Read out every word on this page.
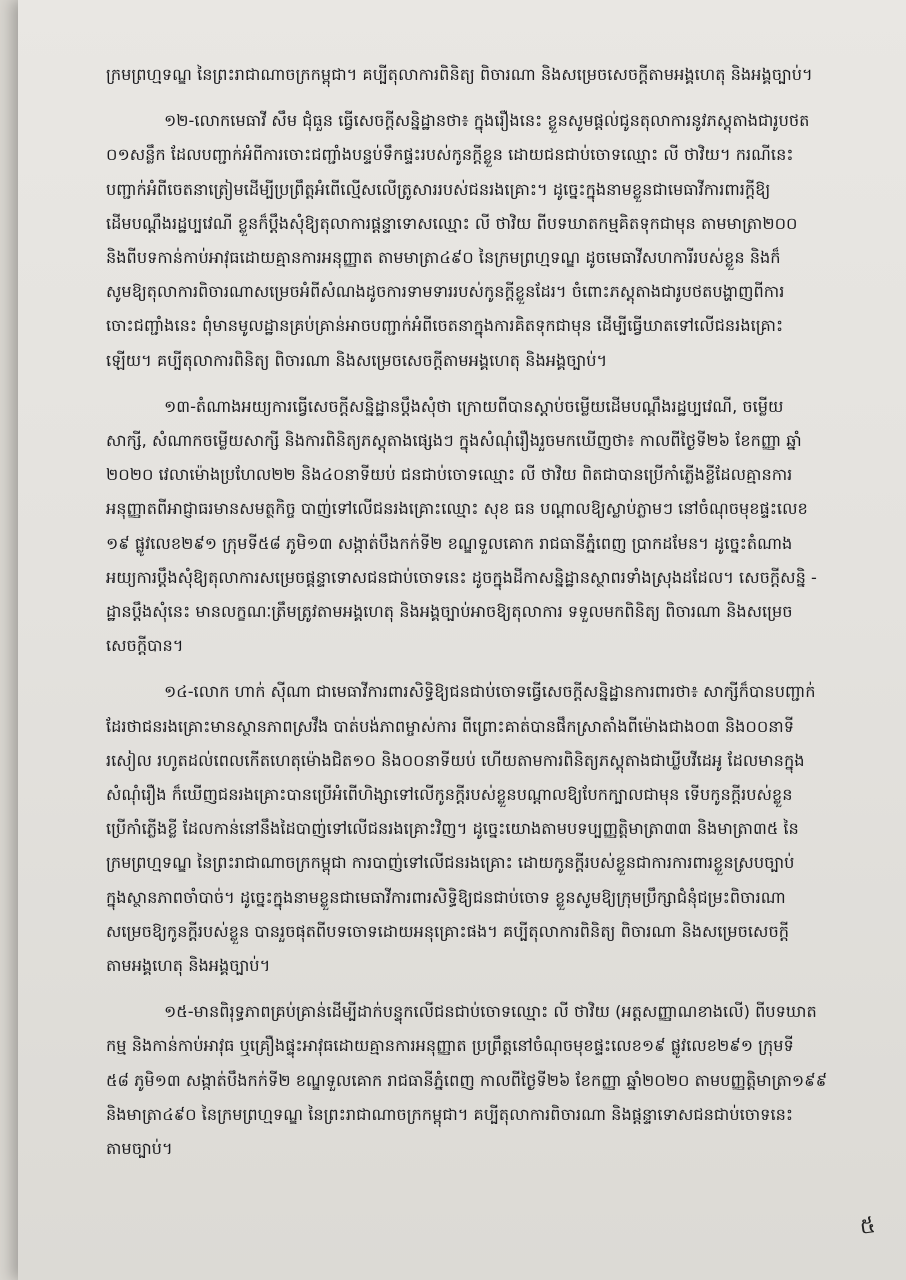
ក្រមព្រហ្មទណ្ឌ នៃព្រះរាជាណាចក្រកម្ពុជា។ គប្បីតុលាការពិនិត្យ ពិចារណា និងសម្រេចសេចក្តីតាមអង្គហេតុ និងអង្គច្បាប់។
១២-លោកមេធាវី សឹម ជុំធួន ធ្វើសេចក្តីសន្និដ្ឋានថា៖ ក្នុងរឿងនេះ ខ្លួនសូមផ្តល់ជូនតុលាការនូវភស្តុតាងជារូបថត
០១សន្លឹក ដែលបញ្ជាក់អំពីការចោះជញ្ជាំងបន្ទប់ទឹកផ្ទះរបស់កូនក្តីខ្លួន ដោយជនជាប់ចោទឈ្មោះ លី ថាវិយ។ ករណីនេះ
បញ្ជាក់អំពីចេតនាត្រៀមដើម្បីប្រព្រឹត្តអំពើល្មើសលើត្រូសាររបស់ជនរងគ្រោះ។ ដូច្នេះក្នុងនាមខ្លួនជាមេធាវីការពារក្តីឱ្យ
ដើមបណ្តឹងរដ្ឋប្បវេណី ខ្លួនក៏ប្តឹងសុំឱ្យតុលាការផ្តន្ទាទោសឈ្មោះ លី ថាវិយ ពីបទឃាតកម្មគិតទុកជាមុន តាមមាត្រា២០០
និងពីបទកាន់កាប់អាវុធដោយគ្មានការអនុញ្ញាត តាមមាត្រា៤៩០ នៃក្រមព្រហ្មទណ្ឌ ដូចមេធាវីសហការីរបស់ខ្លួន និងក៏
សូមឱ្យតុលាការពិចារណាសម្រេចអំពីសំណងដូចការទាមទាររបស់កូនក្តីខ្លួនដែរ។ ចំពោះភស្តុតាងជារូបថតបង្ហាញពីការ
ចោះជញ្ជាំងនេះ ពុំមានមូលដ្ឋានគ្រប់គ្រាន់អាចបញ្ជាក់អំពីចេតនាក្នុងការគិតទុកជាមុន ដើម្បីធ្វើឃាតទៅលើជនរងគ្រោះ
ឡើយ។ គប្បីតុលាការពិនិត្យ ពិចារណា និងសម្រេចសេចក្តីតាមអង្គហេតុ និងអង្គច្បាប់។
១៣-តំណាងអយ្យការធ្វើសេចក្តីសន្និដ្ឋានប្តឹងសុំថា ក្រោយពីបានស្តាប់ចម្លើយដើមបណ្តឹងរដ្ឋប្បវេណី, ចម្លើយ
សាក្សី, សំណាកចម្លើយសាក្សី និងការពិនិត្យភស្តុតាងផ្សេងៗ ក្នុងសំណុំរឿងរួចមកឃើញថា៖ កាលពីថ្ងៃទី២៦ ខែកញ្ញា ឆ្នាំ
២០២០ វេលាម៉ោងប្រហែល២២ និង៤០នាទីយប់ ជនជាប់ចោទឈ្មោះ លី ថាវិយ ពិតជាបានប្រើកាំភ្លើងខ្លីដែលគ្មានការ
អនុញ្ញាតពីអាជ្ញាធរមានសមត្ថកិច្ច បាញ់ទៅលើជនរងគ្រោះឈ្មោះ សុខ ធន បណ្តាលឱ្យស្លាប់ភ្លាមៗ នៅចំណុចមុខផ្ទះលេខ
១៩ ផ្លូវលេខ២៩១ ក្រុមទី៥៨ ភូមិ១៣ សង្កាត់បឹងកក់ទី២ ខណ្ឌទួលគោក រាជធានីភ្នំពេញ ប្រាកដមែន។ ដូច្នេះតំណាង
អយ្យការប្តឹងសុំឱ្យតុលាការសម្រេចផ្តន្ទាទោសជនជាប់ចោទនេះ ដូចក្នុងដីកាសន្និដ្ឋានស្ថាពរទាំងស្រុងដដែល។ សេចក្តីសន្និ -
ដ្ឋានប្តឹងសុំនេះ មានលក្ខណៈត្រឹមត្រូវតាមអង្គហេតុ និងអង្គច្បាប់អាចឱ្យតុលាការ ទទួលមកពិនិត្យ ពិចារណា និងសម្រេច
សេចក្តីបាន។
១៤-លោក ហាក់ ស៊ីណា ជាមេធាវីការពារសិទ្ធិឱ្យជនជាប់ចោទធ្វើសេចក្តីសន្និដ្ឋានការពារថា៖ សាក្សីក៏បានបញ្ជាក់
ដែរថាជនរងគ្រោះមានស្ថានភាពស្រវឹង បាត់បង់ភាពម្ចាស់ការ ពីព្រោះគាត់បានផឹកស្រាតាំងពីម៉ោងជាង០៣ និង០០នាទី
រសៀល រហូតដល់ពេលកើតហេតុម៉ោងជិត១០ និង០០នាទីយប់ ហើយតាមការពិនិត្យភស្តុតាងជាឃ្លីបវីដេអូ ដែលមានក្នុង
សំណុំរឿង ក៏ឃើញជនរងគ្រោះបានប្រើអំពើហិង្សាទៅលើកូនក្តីរបស់ខ្លួនបណ្តាលឱ្យបែកក្បាលជាមុន ទើបកូនក្តីរបស់ខ្លួន
ប្រើកាំភ្លើងខ្លី ដែលកាន់នៅនឹងដៃបាញ់ទៅលើជនរងគ្រោះវិញ។ ដូច្នេះយោងតាមបទប្បញ្ញត្តិមាត្រា៣៣ និងមាត្រា៣៥ នៃ
ក្រមព្រហ្មទណ្ឌ នៃព្រះរាជាណាចក្រកម្ពុជា ការបាញ់ទៅលើជនរងគ្រោះ ដោយកូនក្តីរបស់ខ្លួនជាការការពារខ្លួនស្របច្បាប់
ក្នុងស្ថានភាពចាំបាច់។ ដូច្នេះក្នុងនាមខ្លួនជាមេធាវីការពារសិទ្ធិឱ្យជនជាប់ចោទ ខ្លួនសូមឱ្យក្រុមប្រឹក្សាជំនុំជម្រះពិចារណា
សម្រេចឱ្យកូនក្តីរបស់ខ្លួន បានរួចផុតពីបទចោទដោយអនុគ្រោះផង។ គប្បីតុលាការពិនិត្យ ពិចារណា និងសម្រេចសេចក្តី
តាមអង្គហេតុ និងអង្គច្បាប់។
១៥-មានពិរុទ្ធភាពគ្រប់គ្រាន់ដើម្បីដាក់បន្ទុកលើជនជាប់ចោទឈ្មោះ លី ថាវិយ (អត្តសញ្ញាណខាងលើ) ពីបទឃាត
កម្ម និងកាន់កាប់អាវុធ ឬគ្រឿងផ្ទុះអាវុធដោយគ្មានការអនុញ្ញាត ប្រព្រឹត្តនៅចំណុចមុខផ្ទះលេខ១៩ ផ្លូវលេខ២៩១ ក្រុមទី
៥៨ ភូមិ១៣ សង្កាត់បឹងកក់ទី២ ខណ្ឌទួលគោក រាជធានីភ្នំពេញ កាលពីថ្ងៃទី២៦ ខែកញ្ញា ឆ្នាំ២០២០ តាមបញ្ញត្តិមាត្រា១៩៩
និងមាត្រា៤៩០ នៃក្រមព្រហ្មទណ្ឌ នៃព្រះរាជាណាចក្រកម្ពុជា។ គប្បីតុលាការពិចារណា និងផ្តន្ទាទោសជនជាប់ចោទនេះ
តាមច្បាប់។
៥
